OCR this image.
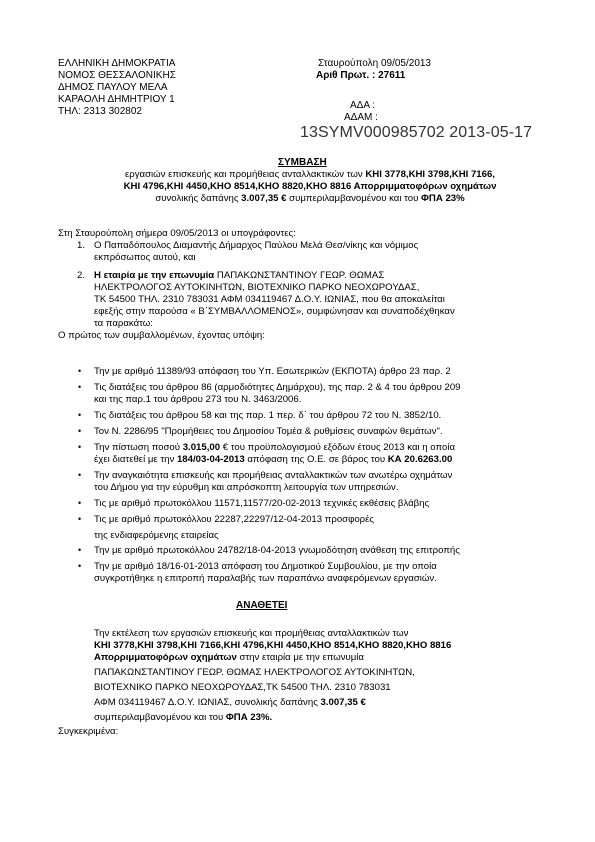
ΕΛΛΗΝΙΚΗ ΔΗΜΟΚΡΑΤΙΑ
ΝΟΜΟΣ ΘΕΣΣΑΛΟΝΙΚΗΣ
ΔΗΜΟΣ ΠΑΥΛΟΥ ΜΕΛΑ
ΚΑΡΑΟΛΗ ΔΗΜΗΤΡΙΟΥ 1
ΤΗΛ: 2313 302802
Σταυρούπολη 09/05/2013
Αριθ Πρωτ. : 27611
ΑΔΑ :
ΑΔΑΜ :
13SYMV000985702 2013-05-17
ΣΥΜΒΑΣΗ
εργασιών επισκευής και προμήθειας ανταλλακτικών των ΚΗΙ 3778,ΚΗΙ 3798,ΚΗΙ 7166,
ΚΗΙ 4796,ΚΗΙ 4450,ΚΗΟ 8514,ΚΗΟ 8820,ΚΗΟ 8816 Απορριμματοφόρων οχημάτων
συνολικής δαπάνης 3.007,35 € συμπεριλαμβανομένου και του ΦΠΑ 23%
Στη Σταυρούπολη σήμερα 09/05/2013 οι υπογράφοντες:
1. Ο Παπαδόπουλος Διαμαντής Δήμαρχος Παύλου Μελά Θεσ/νίκης και νόμιμος
εκπρόσωπος αυτού, και
2. Η εταιρία με την επωνυμία ΠΑΠΑΚΩΝΣΤΑΝΤΙΝΟΥ ΓΕΩΡ. ΘΩΜΑΣ
ΗΛΕΚΤΡΟΛΟΓΟΣ ΑΥΤΟΚΙΝΗΤΩΝ, ΒΙΟΤΕΧΝΙΚΟ ΠΑΡΚΟ ΝΕΟΧΩΡΟΥΔΑΣ,
ΤΚ 54500 ΤΗΛ. 2310 783031 ΑΦΜ 034119467 Δ.Ο.Υ. ΙΩΝΙΑΣ, που θα αποκαλείται
εφεξής στην παρούσα « Β΄ΣΥΜΒΑΛΛΟΜΕΝΟΣ», συμφώνησαν και συναποδέχθηκαν
τα παρακάτω:
Ο πρώτος των συμβαλλομένων, έχοντας υπόψη:
• Την με αριθμό 11389/93 απόφαση του Υπ. Εσωτερικών (ΕΚΠΟΤΑ) άρθρο 23 παρ. 2
• Τις διατάξεις του άρθρου 86 (αρμοδιότητες Δημάρχου), της παρ. 2 & 4 του άρθρου 209
και της παρ.1 του άρθρου 273 του Ν. 3463/2006.
• Τις διατάξεις του άρθρου 58 και της παρ. 1 περ. δ΄ του άρθρου 72 του Ν. 3852/10.
• Τον Ν. 2286/95 "Προμήθειες του Δημοσίου Τομέα & ρυθμίσεις συναφών θεμάτων".
• Την πίστωση ποσού 3.015,00 € του προϋπολογισμού εξόδων έτους 2013 και η οποία
έχει διατεθεί με την 184/03-04-2013 απόφαση της Ο.Ε. σε βάρος του ΚΑ 20.6263.00
• Την αναγκαιότητα επισκευής και προμήθειας ανταλλακτικών των ανωτέρω οχημάτων
του Δήμου για την εύρυθμη και απρόσκοπτη λειτουργία των υπηρεσιών.
• Τις με αριθμό πρωτοκόλλου 11571,11577/20-02-2013 τεχνικές εκθέσεις βλάβης
• Τις με αριθμό πρωτοκόλλου 22287,22297/12-04-2013 προσφορές
της ενδιαφερόμενης εταιρείας
• Την με αριθμό πρωτοκόλλου 24782/18-04-2013 γνωμοδότηση ανάθεση της επιτροπής
• Την με αριθμό 18/16-01-2013 απόφαση του Δημοτικού Συμβουλίου, με την οποία
συγκροτήθηκε η επιτροπή παραλαβής των παραπάνω αναφερόμενων εργασιών.
ΑΝΑΘΕΤΕΙ
Την εκτέλεση των εργασιών επισκευής και προμήθειας ανταλλακτικών των
ΚΗΙ 3778,ΚΗΙ 3798,ΚΗΙ 7166,ΚΗΙ 4796,ΚΗΙ 4450,ΚΗΟ 8514,ΚΗΟ 8820,ΚΗΟ 8816
Απορριμματοφόρων οχημάτων στην εταιρία με την επωνυμία
ΠΑΠΑΚΩΝΣΤΑΝΤΙΝΟΥ ΓΕΩΡ. ΘΩΜΑΣ ΗΛΕΚΤΡΟΛΟΓΟΣ ΑΥΤΟΚΙΝΗΤΩΝ,
ΒΙΟΤΕΧΝΙΚΟ ΠΑΡΚΟ ΝΕΟΧΩΡΟΥΔΑΣ,ΤΚ 54500 ΤΗΛ. 2310 783031
ΑΦΜ 034119467 Δ.Ο.Υ. ΙΩΝΙΑΣ, συνολικής δαπάνης 3.007,35 €
συμπεριλαμβανομένου και του ΦΠΑ 23%.
Συγκεκριμένα:
